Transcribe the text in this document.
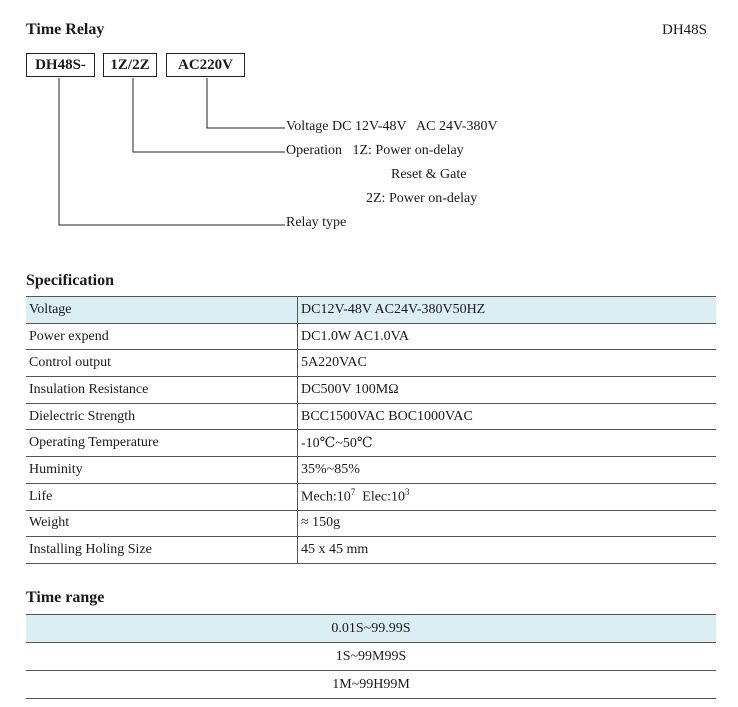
Time Relay	DH48S
DH48S-	1Z/2Z	AC220V
Voltage DC 12V-48V   AC 24V-380V
Operation   1Z: Power on-delay
Reset & Gate
2Z: Power on-delay
Relay type
Specification
Voltage	DC12V-48V AC24V-380V50HZ
Power expend	DC1.0W AC1.0VA
Control output	5A220VAC
Insulation Resistance	DC500V 100MΩ
Dielectric Strength	BCC1500VAC BOC1000VAC
Operating Temperature	-10℃~50℃
Huminity	35%~85%
Life	$Mech:10^7$ $Elec:10^3$
Weight	≈ 150g
Installing Holing Size	45 x 45 mm
Time range
0.01S~99.99S
1S~99M99S
1M~99H99M
